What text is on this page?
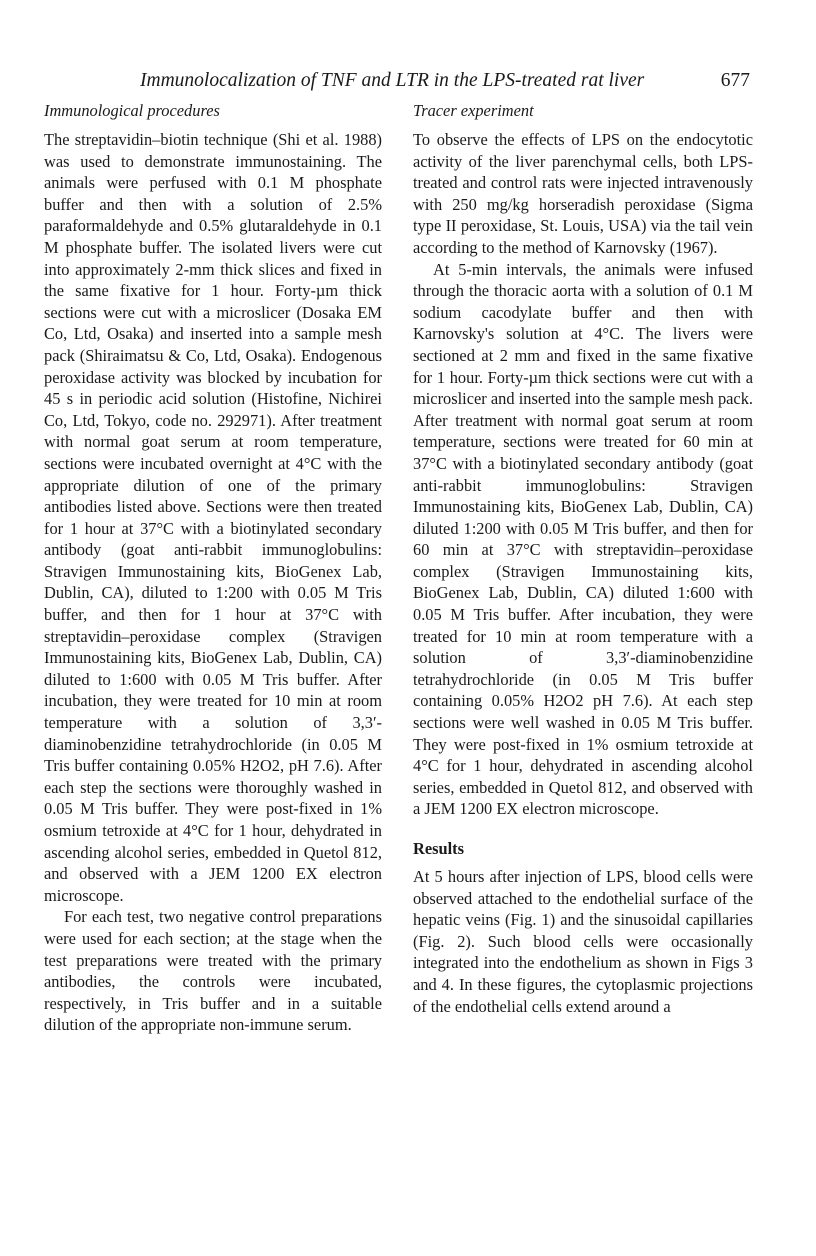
Immunolocalization of TNF and LTR in the LPS-treated rat liver	677
Immunological procedures

The streptavidin–biotin technique (Shi et al. 1988) was used to demonstrate immunostaining. The animals were perfused with 0.1 M phosphate buffer and then with a solution of 2.5% paraformaldehyde and 0.5% glutaraldehyde in 0.1 M phosphate buffer. The isolated livers were cut into approximately 2-mm thick slices and fixed in the same fixative for 1 hour. Forty-µm thick sections were cut with a microslicer (Dosaka EM Co, Ltd, Osaka) and inserted into a sample mesh pack (Shiraimatsu & Co, Ltd, Osaka). Endogenous peroxidase activity was blocked by incubation for 45 s in periodic acid solution (Histofine, Nichirei Co, Ltd, Tokyo, code no. 292971). After treatment with normal goat serum at room temperature, sections were incubated overnight at 4°C with the appropriate dilution of one of the primary antibodies listed above. Sections were then treated for 1 hour at 37°C with a biotinylated secondary antibody (goat anti-rabbit immunoglobulins: Stravigen Immunostaining kits, BioGenex Lab, Dublin, CA), diluted to 1:200 with 0.05 M Tris buffer, and then for 1 hour at 37°C with streptavidin–peroxidase complex (Stravigen Immunostaining kits, BioGenex Lab, Dublin, CA) diluted to 1:600 with 0.05 M Tris buffer. After incubation, they were treated for 10 min at room temperature with a solution of 3,3′-diaminobenzidine tetrahydrochloride (in 0.05 M Tris buffer containing 0.05% H2O2, pH 7.6). After each step the sections were thoroughly washed in 0.05 M Tris buffer. They were post-fixed in 1% osmium tetroxide at 4°C for 1 hour, dehydrated in ascending alcohol series, embedded in Quetol 812, and observed with a JEM 1200 EX electron microscope.

For each test, two negative control preparations were used for each section; at the stage when the test preparations were treated with the primary antibodies, the controls were incubated, respectively, in Tris buffer and in a suitable dilution of the appropriate non-immune serum.

Tracer experiment

To observe the effects of LPS on the endocytotic activity of the liver parenchymal cells, both LPS-treated and control rats were injected intravenously with 250 mg/kg horseradish peroxidase (Sigma type II peroxidase, St. Louis, USA) via the tail vein according to the method of Karnovsky (1967).

At 5-min intervals, the animals were infused through the thoracic aorta with a solution of 0.1 M sodium cacodylate buffer and then with Karnovsky's solution at 4°C. The livers were sectioned at 2 mm and fixed in the same fixative for 1 hour. Forty-µm thick sections were cut with a microslicer and inserted into the sample mesh pack. After treatment with normal goat serum at room temperature, sections were treated for 60 min at 37°C with a biotinylated secondary antibody (goat anti-rabbit immunoglobulins: Stravigen Immunostaining kits, BioGenex Lab, Dublin, CA) diluted 1:200 with 0.05 M Tris buffer, and then for 60 min at 37°C with streptavidin–peroxidase complex (Stravigen Immunostaining kits, BioGenex Lab, Dublin, CA) diluted 1:600 with 0.05 M Tris buffer. After incubation, they were treated for 10 min at room temperature with a solution of 3,3′-diaminobenzidine tetrahydrochloride (in 0.05 M Tris buffer containing 0.05% H2O2 pH 7.6). At each step sections were well washed in 0.05 M Tris buffer. They were post-fixed in 1% osmium tetroxide at 4°C for 1 hour, dehydrated in ascending alcohol series, embedded in Quetol 812, and observed with a JEM 1200 EX electron microscope.

Results

At 5 hours after injection of LPS, blood cells were observed attached to the endothelial surface of the hepatic veins (Fig. 1) and the sinusoidal capillaries (Fig. 2). Such blood cells were occasionally integrated into the endothelium as shown in Figs 3 and 4. In these figures, the cytoplasmic projections of the endothelial cells extend around a
